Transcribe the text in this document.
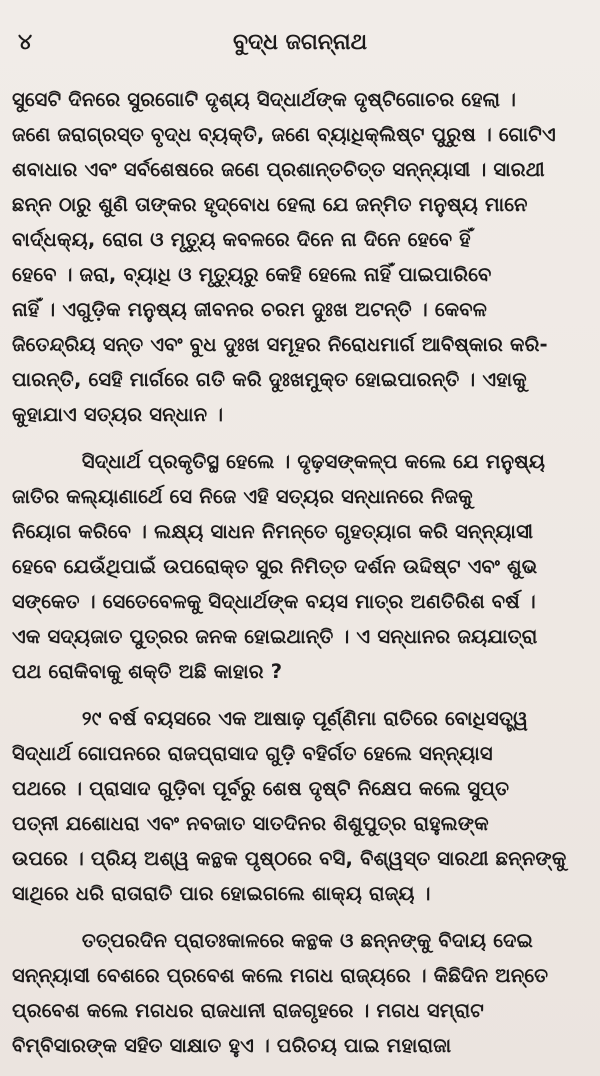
୪	ବୁଦ୍ଧ ଜଗନ୍ନାଥ
ସୁସେଟି ଦିନରେ ସୁରଗୋଟି ଦୃଶ୍ୟ ସିଦ୍ଧାର୍ଥଙ୍କ ଦୃଷ୍ଟିଗୋଚର ହେଲା ।
ଜଣେ ଜରାଗ୍ରସ୍ତ ବୃଦ୍ଧ ବ୍ୟକ୍ତି, ଜଣେ ବ୍ୟାଧିକ୍ଲିଷ୍ଟ ପୁରୁଷ । ଗୋଟିଏ
ଶବାଧାର ଏବଂ ସର୍ବଶେଷରେ ଜଣେ ପ୍ରଶାନ୍ତଚିତ୍ତ ସନ୍ନ୍ୟାସୀ । ସାରଥୀ
ଛନ୍ନ ଠାରୁ ଶୁଣି ତାଙ୍କର ହୃଦ୍‌ବୋଧ ହେଲା ଯେ ଜନ୍ମିତ ମନୁଷ୍ୟ ମାନେ
ବାର୍ଦ୍ଧକ୍ୟ, ରୋଗ ଓ ମୃତ୍ୟୁ କବଳରେ ଦିନେ ନା ଦିନେ ହେବେ ହିଁ
ହେବେ । ଜରା, ବ୍ୟାଧି ଓ ମୃତ୍ୟୁରୁ କେହି ହେଲେ ନାହିଁ ପାଇପାରିବେ
ନାହିଁ । ଏଗୁଡ଼ିକ ମନୁଷ୍ୟ ଜୀବନର ଚରମ ଦୁଃଖ ଅଟନ୍ତି । କେବଳ
ଜିତେନ୍ଦ୍ରିୟ ସନ୍ତ ଏବଂ ବୁଧ ଦୁଃଖ ସମୂହର ନିରୋଧମାର୍ଗ ଆବିଷ୍କାର କରି-
ପାରନ୍ତି, ସେହି ମାର୍ଗରେ ଗତି କରି ଦୁଃଖମୁକ୍ତ ହୋଇପାରନ୍ତି । ଏହାକୁ
କୁହାଯାଏ ସତ୍ୟର ସନ୍ଧାନ ।
ସିଦ୍ଧାର୍ଥ ପ୍ରକୃତିସ୍ଥ ହେଲେ । ଦୃଢ଼ସଙ୍କଳ୍ପ କଲେ ଯେ ମନୁଷ୍ୟ
ଜାତିର କଲ୍ୟାଣାର୍ଥେ ସେ ନିଜେ ଏହି ସତ୍ୟର ସନ୍ଧାନରେ ନିଜକୁ
ନିୟୋଗ କରିବେ । ଲକ୍ଷ୍ୟ ସାଧନ ନିମନ୍ତେ ଗୃହତ୍ୟାଗ କରି ସନ୍ନ୍ୟାସୀ
ହେବେ ଯେଉଁଥିପାଇଁ ଉପରୋକ୍ତ ସୁର ନିମିତ୍ତ ଦର୍ଶନ ଉଦ୍ଦିଷ୍ଟ ଏବଂ ଶୁଭ
ସଙ୍କେତ । ସେତେବେଳକୁ ସିଦ୍ଧାର୍ଥଙ୍କ ବୟସ ମାତ୍ର ଅଣତିରିଶ ବର୍ଷ ।
ଏକ ସଦ୍ୟଜାତ ପୁତ୍ରର ଜନକ ହୋଇଥାନ୍ତି । ଏ ସନ୍ଧାନର ଜୟଯାତ୍ରା
ପଥ ରୋକିବାକୁ ଶକ୍ତି ଅଛି କାହାର ?
୨୯ ବର୍ଷ ବୟସରେ ଏକ ଆଷାଢ଼ ପୂର୍ଣ୍ଣିମା ରାତିରେ ବୋଧିସତ୍ତ୍ୱ
ସିଦ୍ଧାର୍ଥ ଗୋପନରେ ରାଜପ୍ରାସାଦ ଗୁଡ଼ି ବହିର୍ଗତ ହେଲେ ସନ୍ନ୍ୟାସ
ପଥରେ । ପ୍ରାସାଦ ଗୁଡ଼ିବା ପୂର୍ବରୁ ଶେଷ ଦୃଷ୍ଟି ନିକ୍ଷେପ କଲେ ସୁପ୍ତ
ପତ୍ନୀ ଯଶୋଧରା ଏବଂ ନବଜାତ ସାତଦିନର ଶିଶୁପୁତ୍ର ରାହୁଲଙ୍କ
ଉପରେ । ପ୍ରିୟ ଅଶ୍ୱ କନ୍ଥକ ପୃଷ୍ଠରେ ବସି, ବିଶ୍ୱସ୍ତ ସାରଥୀ ଛନ୍ନଙ୍କୁ
ସାଥିରେ ଧରି ରାତାରାତି ପାର ହୋଇଗଲେ ଶାକ୍ୟ ରାଜ୍ୟ ।
ତତ୍ପରଦିନ ପ୍ରାତଃକାଳରେ କନ୍ଥକ ଓ ଛନ୍ନଙ୍କୁ ବିଦାୟ ଦେଇ
ସନ୍ନ୍ୟାସୀ ବେଶରେ ପ୍ରବେଶ କଲେ ମଗଧ ରାଜ୍ୟରେ । କିଛିଦିନ ଅନ୍ତେ
ପ୍ରବେଶ କଲେ ମଗଧର ରାଜଧାନୀ ରାଜଗୃହରେ । ମଗଧ ସମ୍ରାଟ
ବିମ୍ବିସାରଙ୍କ ସହିତ ସାକ୍ଷାତ ହୁଏ । ପରିଚୟ ପାଇ ମହାରାଜା
